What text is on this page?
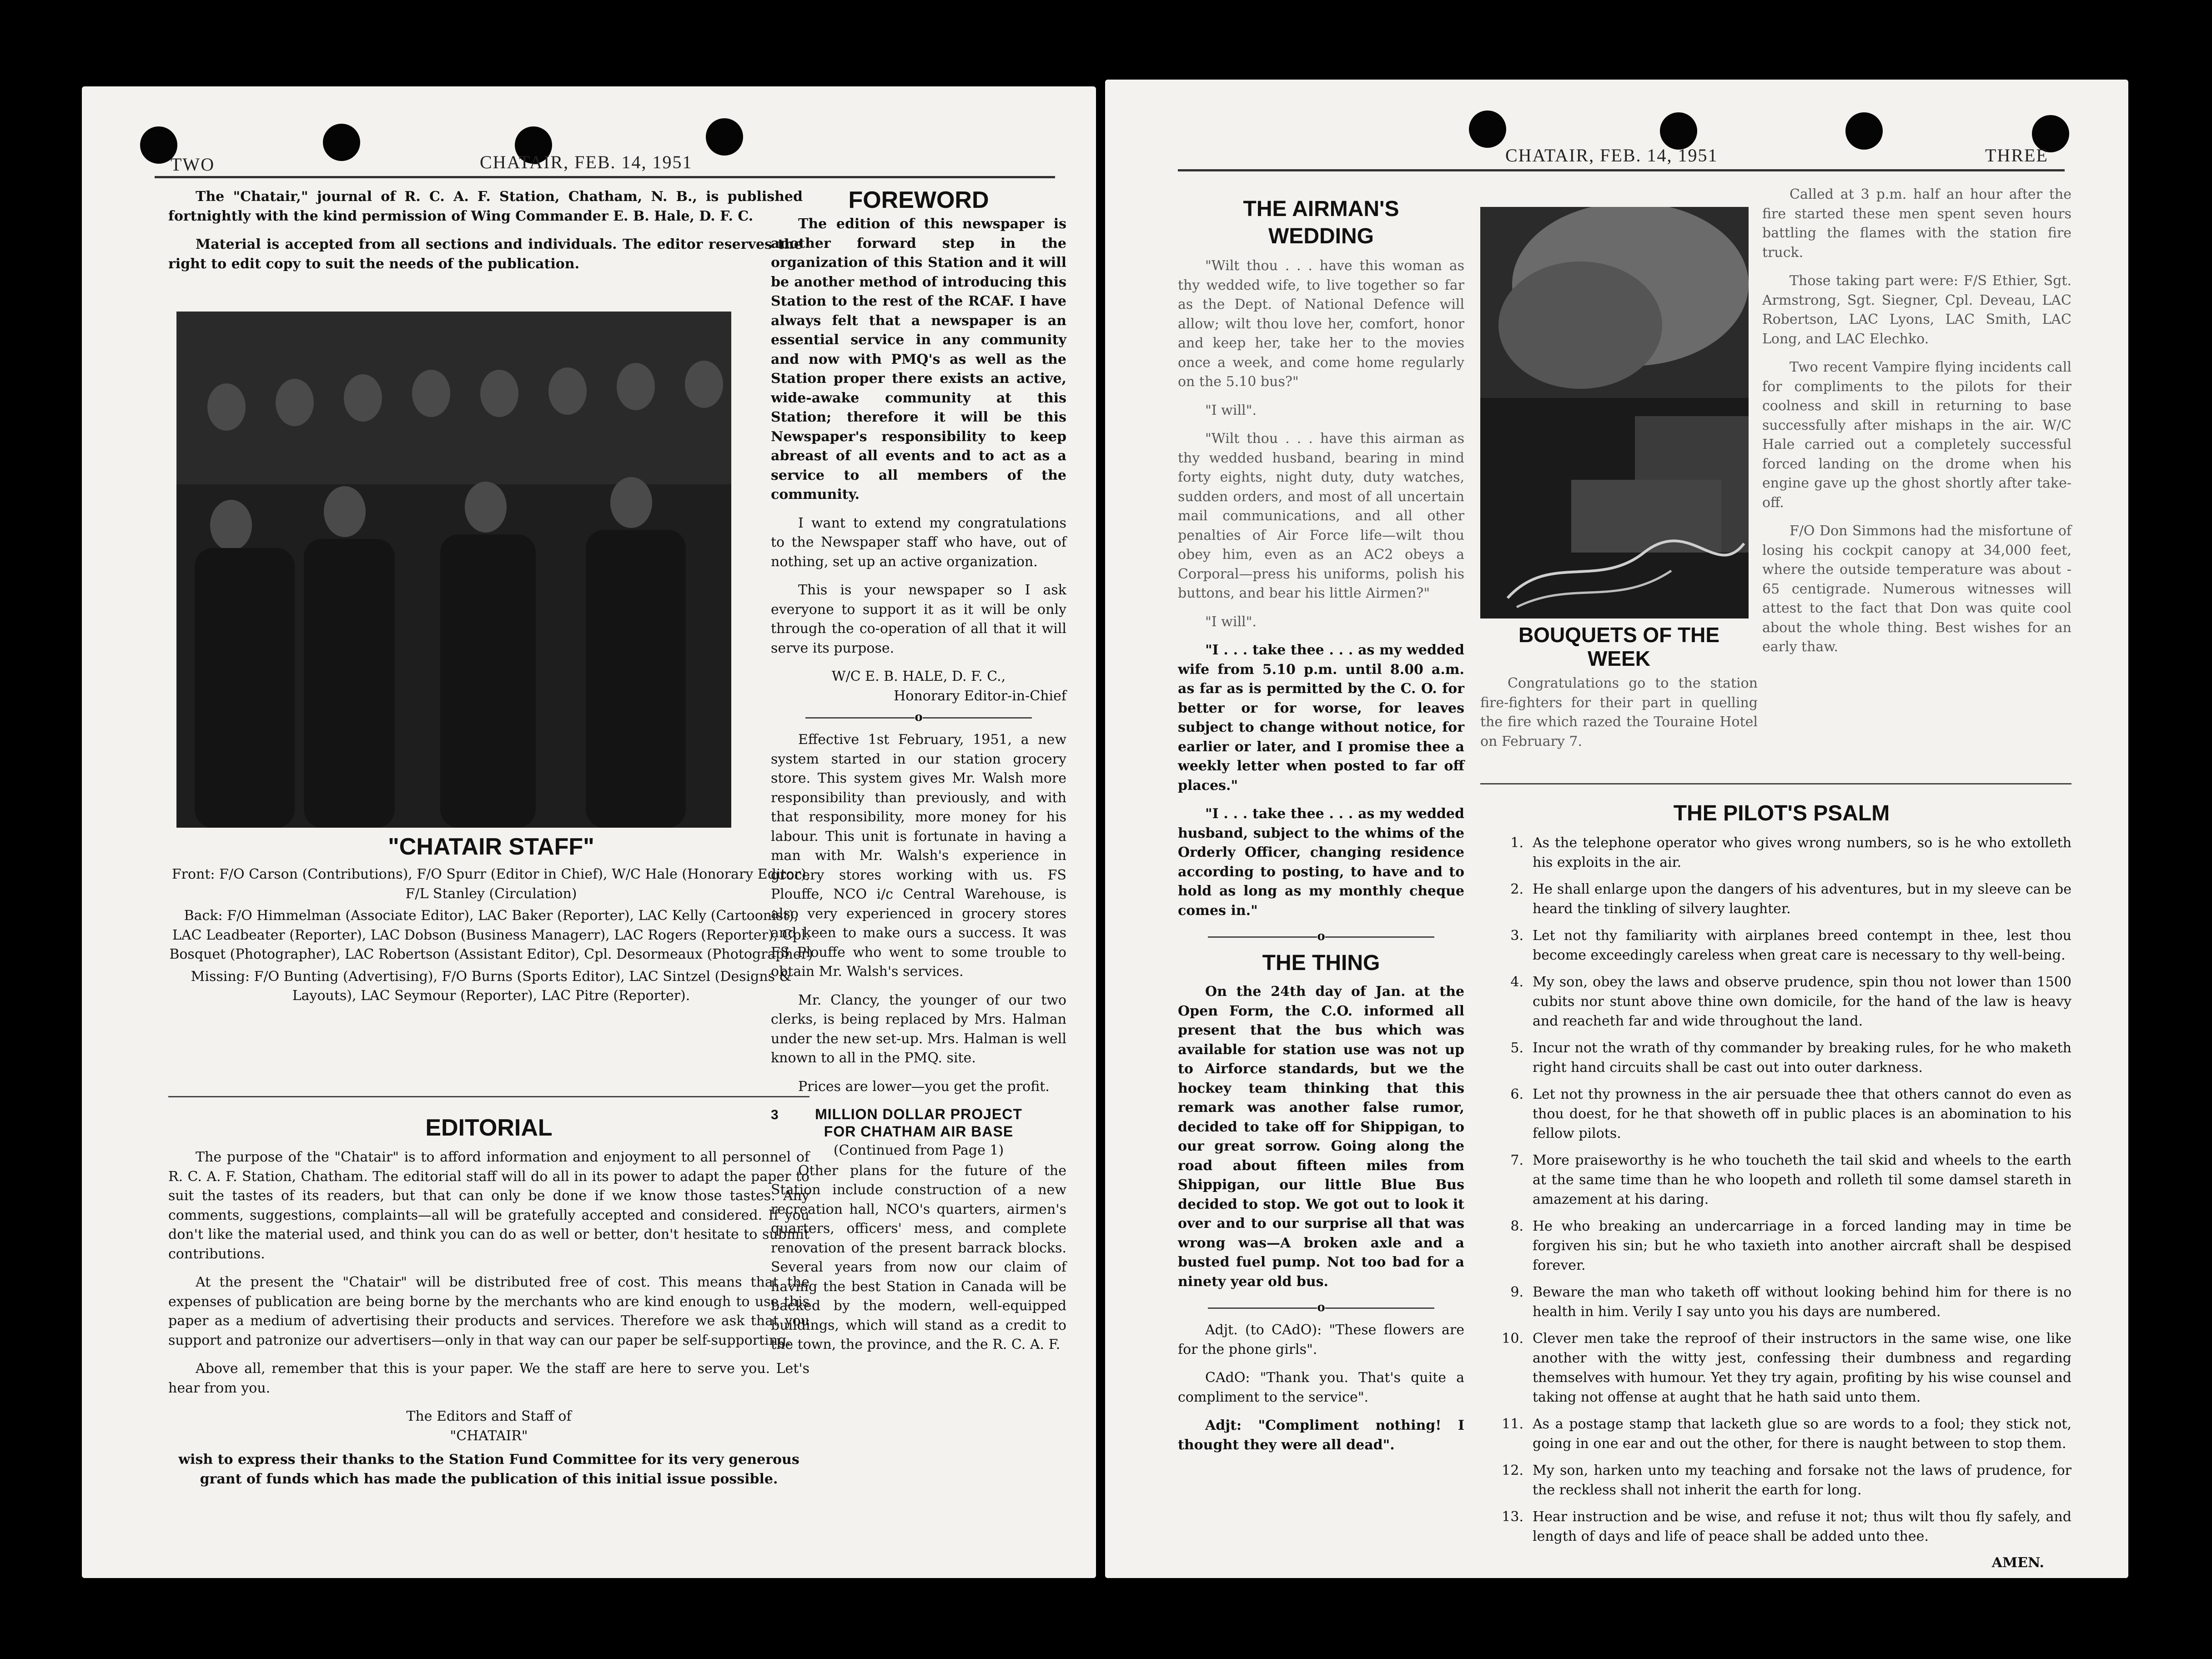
TWO	CHATAIR, FEB. 14, 1951

The "Chatair," journal of R. C. A. F. Station, Chatham, N. B., is published fortnightly with the kind permission of Wing Commander E. B. Hale, D. F. C.

Material is accepted from all sections and individuals. The editor reserves the right to edit copy to suit the needs of the publication.

"CHATAIR STAFF"

Front: F/O Carson (Contributions), F/O Spurr (Editor in Chief), W/C Hale (Honorary Editor), F/L Stanley (Circulation)

Back: F/O Himmelman (Associate Editor), LAC Baker (Reporter), LAC Kelly (Cartoonist), LAC Leadbeater (Reporter), LAC Dobson (Business Managerr), LAC Rogers (Reporter), Cpl. Bosquet (Photographer), LAC Robertson (Assistant Editor), Cpl. Desormeaux (Photographer)

Missing: F/O Bunting (Advertising), F/O Burns (Sports Editor), LAC Sintzel (Designs & Layouts), LAC Seymour (Reporter), LAC Pitre (Reporter).

EDITORIAL

The purpose of the "Chatair" is to afford information and enjoyment to all personnel of R. C. A. F. Station, Chatham. The editorial staff will do all in its power to adapt the paper to suit the tastes of its readers, but that can only be done if we know those tastes. Any comments, suggestions, complaints—all will be gratefully accepted and considered. If you don't like the material used, and think you can do as well or better, don't hesitate to submit contributions.

At the present the "Chatair" will be distributed free of cost. This means that the expenses of publication are being borne by the merchants who are kind enough to use this paper as a medium of advertising their products and services. Therefore we ask that you support and patronize our advertisers—only in that way can our paper be self-supporting.

Above all, remember that this is your paper. We the staff are here to serve you. Let's hear from you.

The Editors and Staff of

"CHATAIR"

wish to express their thanks to the Station Fund Committee for its very generous grant of funds which has made the publication of this initial issue possible.

FOREWORD

The edition of this newspaper is another forward step in the organization of this Station and it will be another method of introducing this Station to the rest of the RCAF. I have always felt that a newspaper is an essential service in any community and now with PMQ's as well as the Station proper there exists an active, wide-awake community at this Station; therefore it will be this Newspaper's responsibility to keep abreast of all events and to act as a service to all members of the community.

I want to extend my congratulations to the Newspaper staff who have, out of nothing, set up an active organization.

This is your newspaper so I ask everyone to support it as it will be only through the co-operation of all that it will serve its purpose.

W/C E. B. HALE, D. F. C.,

Honorary Editor-in-Chief

o

Effective 1st February, 1951, a new system started in our station grocery store. This system gives Mr. Walsh more responsibility than previously, and with that responsibility, more money for his labour. This unit is fortunate in having a man with Mr. Walsh's experience in grocery stores working with us. FS Plouffe, NCO i/c Central Warehouse, is also very experienced in grocery stores and keen to make ours a success. It was FS Plouffe who went to some trouble to obtain Mr. Walsh's services.

Mr. Clancy, the younger of our two clerks, is being replaced by Mrs. Halman under the new set-up. Mrs. Halman is well known to all in the PMQ. site.

Prices are lower—you get the profit.

3	MILLION DOLLAR PROJECT
FOR CHATHAM AIR BASE

(Continued from Page 1)

Other plans for the future of the Station include construction of a new recreation hall, NCO's quarters, airmen's quarters, officers' mess, and complete renovation of the present barrack blocks. Several years from now our claim of having the best Station in Canada will be backed by the modern, well-equipped buildings, which will stand as a credit to the town, the province, and the R. C. A. F.

CHATAIR, FEB. 14, 1951	THREE
THE AIRMAN'S
WEDDING

"Wilt thou . . . have this woman as thy wedded wife, to live together so far as the Dept. of National Defence will allow; wilt thou love her, comfort, honor and keep her, take her to the movies once a week, and come home regularly on the 5.10 bus?"

"I will".

"Wilt thou . . . have this airman as thy wedded husband, bearing in mind forty eights, night duty, duty watches, sudden orders, and most of all uncertain mail communications, and all other penalties of Air Force life—wilt thou obey him, even as an AC2 obeys a Corporal—press his uniforms, polish his buttons, and bear his little Airmen?"

"I will".

"I . . . take thee . . . as my wedded wife from 5.10 p.m. until 8.00 a.m. as far as is permitted by the C. O. for better or for worse, for leaves subject to change without notice, for earlier or later, and I promise thee a weekly letter when posted to far off places."

"I . . . take thee . . . as my wedded husband, subject to the whims of the Orderly Officer, changing residence according to posting, to have and to hold as long as my monthly cheque comes in."

o
THE THING

On the 24th day of Jan. at the Open Form, the C.O. informed all present that the bus which was available for station use was not up to Airforce standards, but we the hockey team thinking that this remark was another false rumor, decided to take off for Shippigan, to our great sorrow. Going along the road about fifteen miles from Shippigan, our little Blue Bus decided to stop. We got out to look it over and to our surprise all that was wrong was—A broken axle and a busted fuel pump. Not too bad for a ninety year old bus.

o

Adjt. (to CAdO): "These flowers are for the phone girls".

CAdO: "Thank you. That's quite a compliment to the service".

Adjt: "Compliment nothing! I thought they were all dead".

BOUQUETS OF THE
WEEK

Congratulations go to the station fire-fighters for their part in quelling the fire which razed the Touraine Hotel on February 7.

Called at 3 p.m. half an hour after the fire started these men spent seven hours battling the flames with the station fire truck.

Those taking part were: F/S Ethier, Sgt. Armstrong, Sgt. Siegner, Cpl. Deveau, LAC Robertson, LAC Lyons, LAC Smith, LAC Long, and LAC Elechko.

Two recent Vampire flying incidents call for compliments to the pilots for their coolness and skill in returning to base successfully after mishaps in the air. W/C Hale carried out a completely successful forced landing on the drome when his engine gave up the ghost shortly after take-off.

F/O Don Simmons had the misfortune of losing his cockpit canopy at 34,000 feet, where the outside temperature was about - 65 centigrade. Numerous witnesses will attest to the fact that Don was quite cool about the whole thing. Best wishes for an early thaw.

THE PILOT'S PSALM
1. As the telephone operator who gives wrong numbers, so is he who extolleth his exploits in the air.
2. He shall enlarge upon the dangers of his adventures, but in my sleeve can be heard the tinkling of silvery laughter.
3. Let not thy familiarity with airplanes breed contempt in thee, lest thou become exceedingly careless when great care is necessary to thy well-being.
4. My son, obey the laws and observe prudence, spin thou not lower than 1500 cubits nor stunt above thine own domicile, for the hand of the law is heavy and reacheth far and wide throughout the land.
5. Incur not the wrath of thy commander by breaking rules, for he who maketh right hand circuits shall be cast out into outer darkness.
6. Let not thy prowness in the air persuade thee that others cannot do even as thou doest, for he that showeth off in public places is an abomination to his fellow pilots.
7. More praiseworthy is he who toucheth the tail skid and wheels to the earth at the same time than he who loopeth and rolleth til some damsel stareth in amazement at his daring.
8. He who breaking an undercarriage in a forced landing may in time be forgiven his sin; but he who taxieth into another aircraft shall be despised forever.
9. Beware the man who taketh off without looking behind him for there is no health in him. Verily I say unto you his days are numbered.
10. Clever men take the reproof of their instructors in the same wise, one like another with the witty jest, confessing their dumbness and regarding themselves with humour. Yet they try again, profiting by his wise counsel and taking not offense at aught that he hath said unto them.
11. As a postage stamp that lacketh glue so are words to a fool; they stick not, going in one ear and out the other, for there is naught between to stop them.
12. My son, harken unto my teaching and forsake not the laws of prudence, for the reckless shall not inherit the earth for long.
13. Hear instruction and be wise, and refuse it not; thus wilt thou fly safely, and length of days and life of peace shall be added unto thee.
AMEN.
